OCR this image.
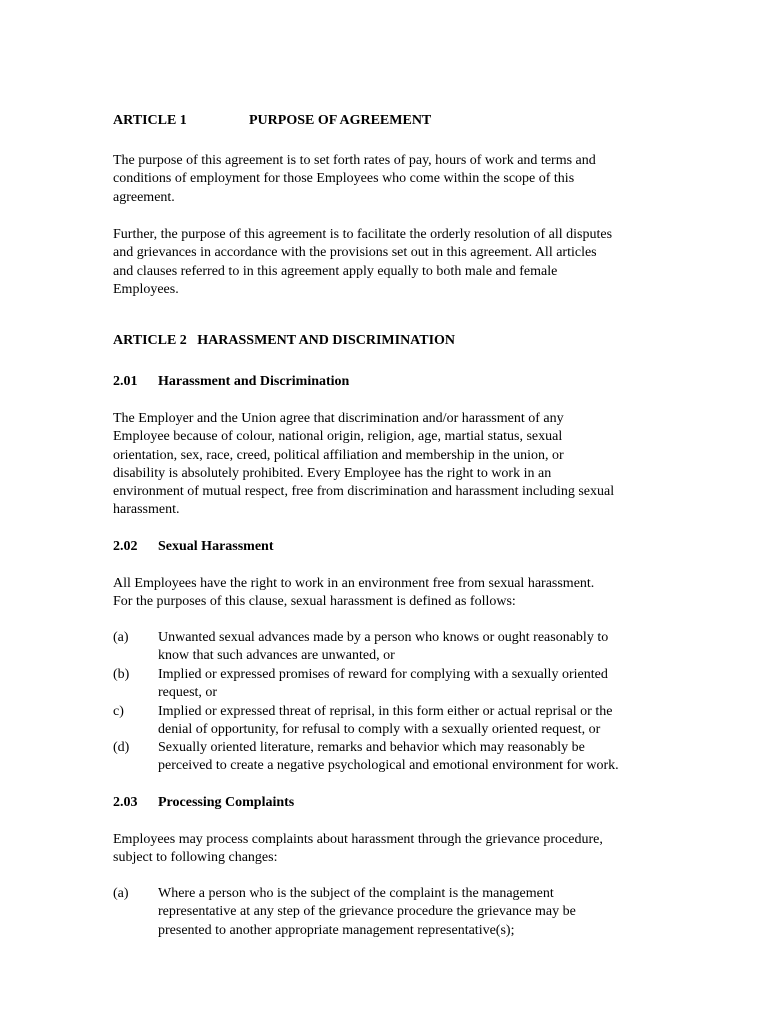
ARTICLE 1	PURPOSE OF AGREEMENT

The purpose of this agreement is to set forth rates of pay, hours of work and terms and
conditions of employment for those Employees who come within the scope of this
agreement.

Further, the purpose of this agreement is to facilitate the orderly resolution of all disputes
and grievances in accordance with the provisions set out in this agreement. All articles
and clauses referred to in this agreement apply equally to both male and female
Employees.

ARTICLE 2   HARASSMENT AND DISCRIMINATION
2.01 Harassment and Discrimination

The Employer and the Union agree that discrimination and/or harassment of any
Employee because of colour, national origin, religion, age, martial status, sexual
orientation, sex, race, creed, political affiliation and membership in the union, or
disability is absolutely prohibited. Every Employee has the right to work in an
environment of mutual respect, free from discrimination and harassment including sexual
harassment.

2.02 Sexual Harassment

All Employees have the right to work in an environment free from sexual harassment.
For the purposes of this clause, sexual harassment is defined as follows:

(a) Unwanted sexual advances made by a person who knows or ought reasonably to
know that such advances are unwanted, or
(b) Implied or expressed promises of reward for complying with a sexually oriented
request, or
c) Implied or expressed threat of reprisal, in this form either or actual reprisal or the
denial of opportunity, for refusal to comply with a sexually oriented request, or
(d) Sexually oriented literature, remarks and behavior which may reasonably be
perceived to create a negative psychological and emotional environment for work.
2.03 Processing Complaints

Employees may process complaints about harassment through the grievance procedure,
subject to following changes:

(a) Where a person who is the subject of the complaint is the management
representative at any step of the grievance procedure the grievance may be
presented to another appropriate management representative(s);
